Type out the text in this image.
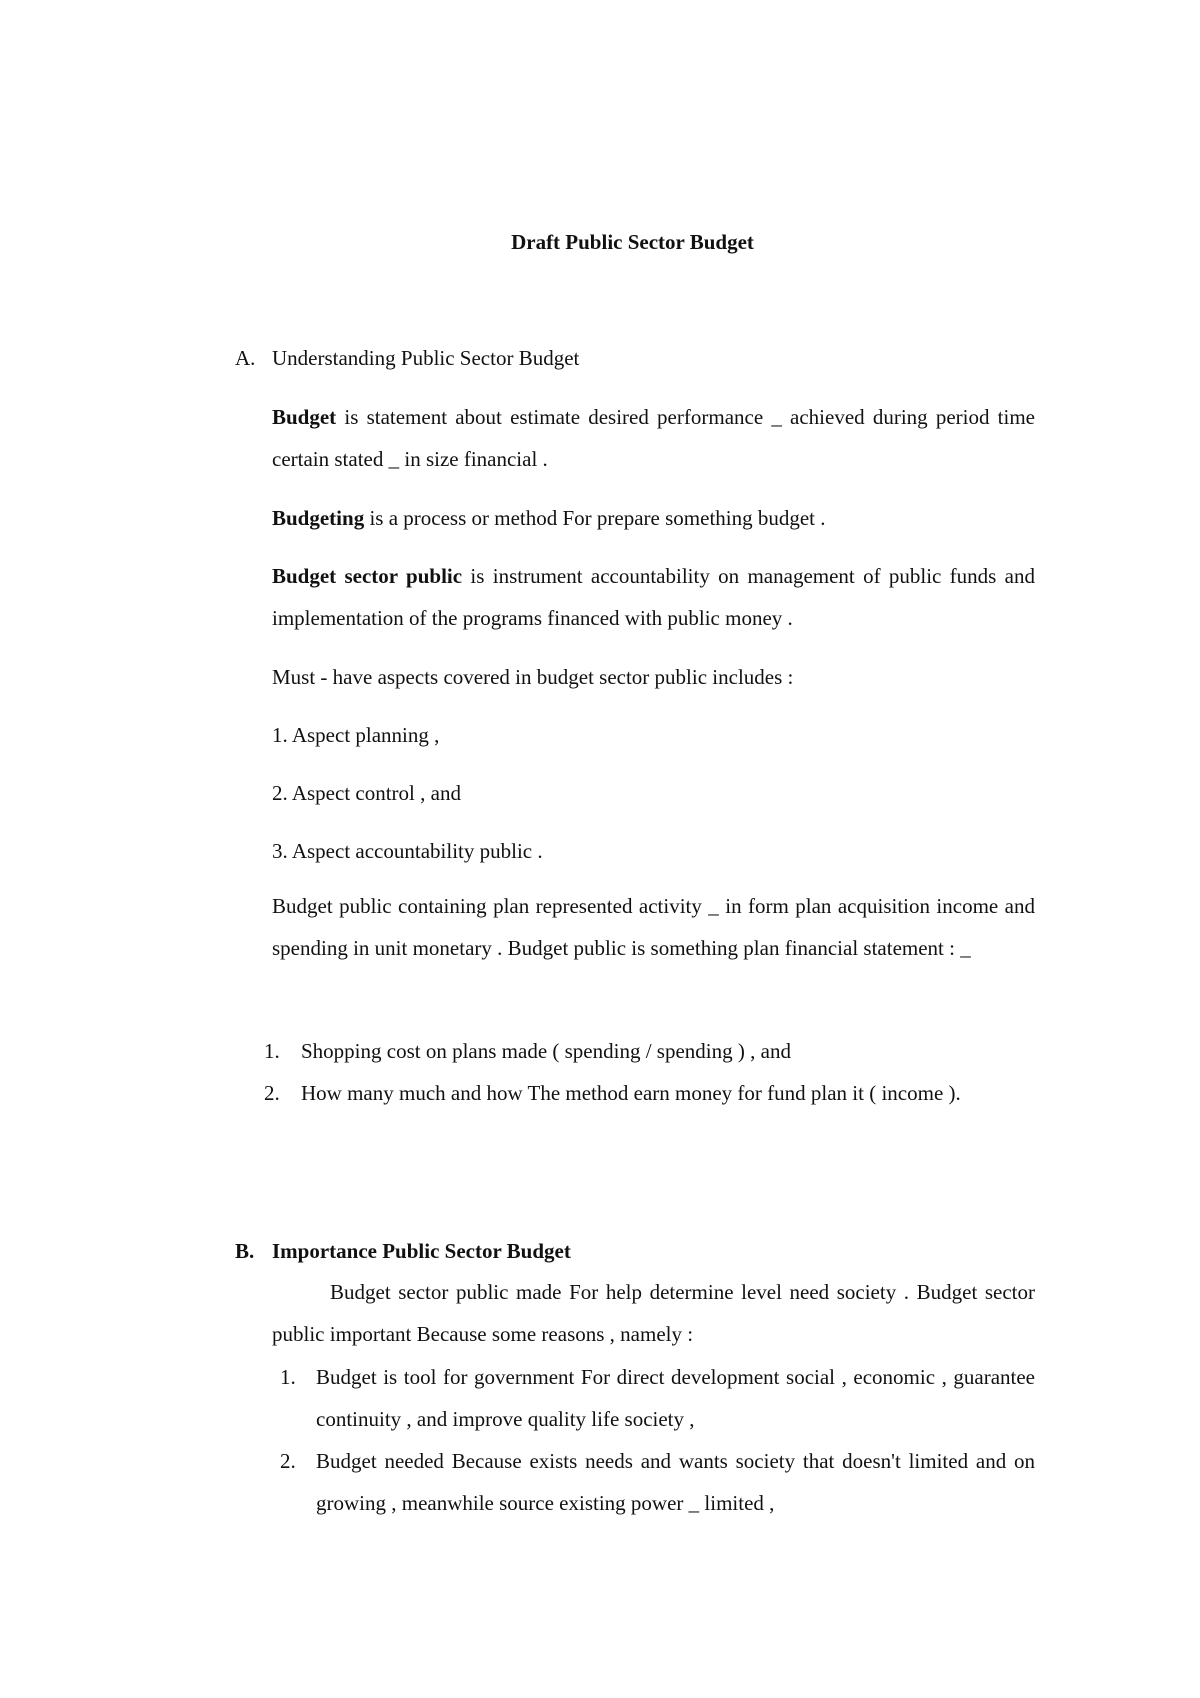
Draft Public Sector Budget
A. Understanding Public Sector Budget
Budget is statement about estimate desired performance _ achieved during period time certain stated _ in size financial .
Budgeting is a process or method For prepare something budget .
Budget sector public is instrument accountability on management of public funds and implementation of the programs financed with public money .
Must - have aspects covered in budget sector public includes :
1. Aspect planning ,
2. Aspect control , and
3. Aspect accountability public .
Budget public containing plan represented activity _ in form plan acquisition income and spending in unit monetary . Budget public is something plan financial statement : _
1. Shopping cost on plans made ( spending / spending ) , and
2. How many much and how The method earn money for fund plan it ( income ).
B. Importance Public Sector Budget
Budget sector public made For help determine level need society . Budget sector public important Because some reasons , namely :
1. Budget is tool for government For direct development social , economic , guarantee continuity , and improve quality life society ,
2. Budget needed Because exists needs and wants society that doesn't limited and on growing , meanwhile source existing power _ limited ,
